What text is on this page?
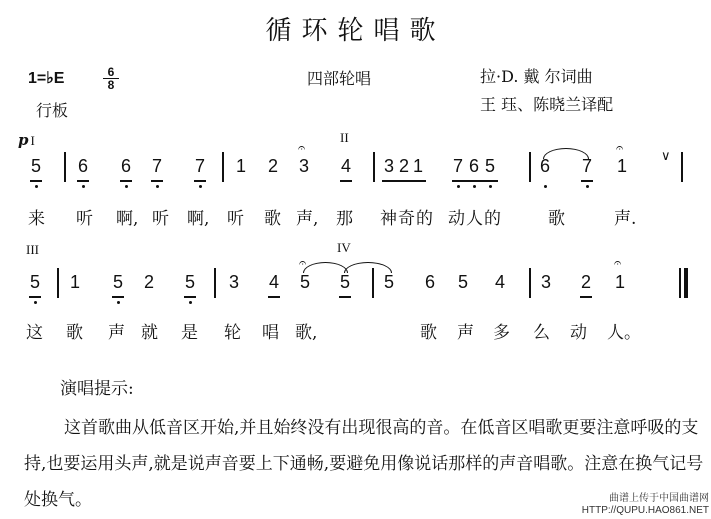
循环轮唱歌
1=♭E	6
8
行板
四部轮唱	拉·D. 戴 尔词曲
王 珏、陈晓兰译配
p I	II
III	IV
5 6 6 7 7 1 2 3 4 3 2 1 7 6 5 6 7 1
𝄐	𝄐
∨
来 听 啊, 听 啊, 听 歌 声, 那 神 奇 的 动 人 的	歌	声.
5 1 5 2 5 3 4 5 5 5 6 5 4 3 2 1
𝄐	𝄐
这 歌 声 就 是 轮 唱 歌,	歌 声 多 么 动 人。
演唱提示:
这首歌曲从低音区开始,并且始终没有出现很高的音。在低音区唱歌更要注意呼吸的支持,也要运用头声,就是说声音要上下通畅,要避免用像说话那样的声音唱歌。注意在换气记号处换气。	曲谱上传于中国曲谱网
HTTP://QUPU.HAO861.NET
